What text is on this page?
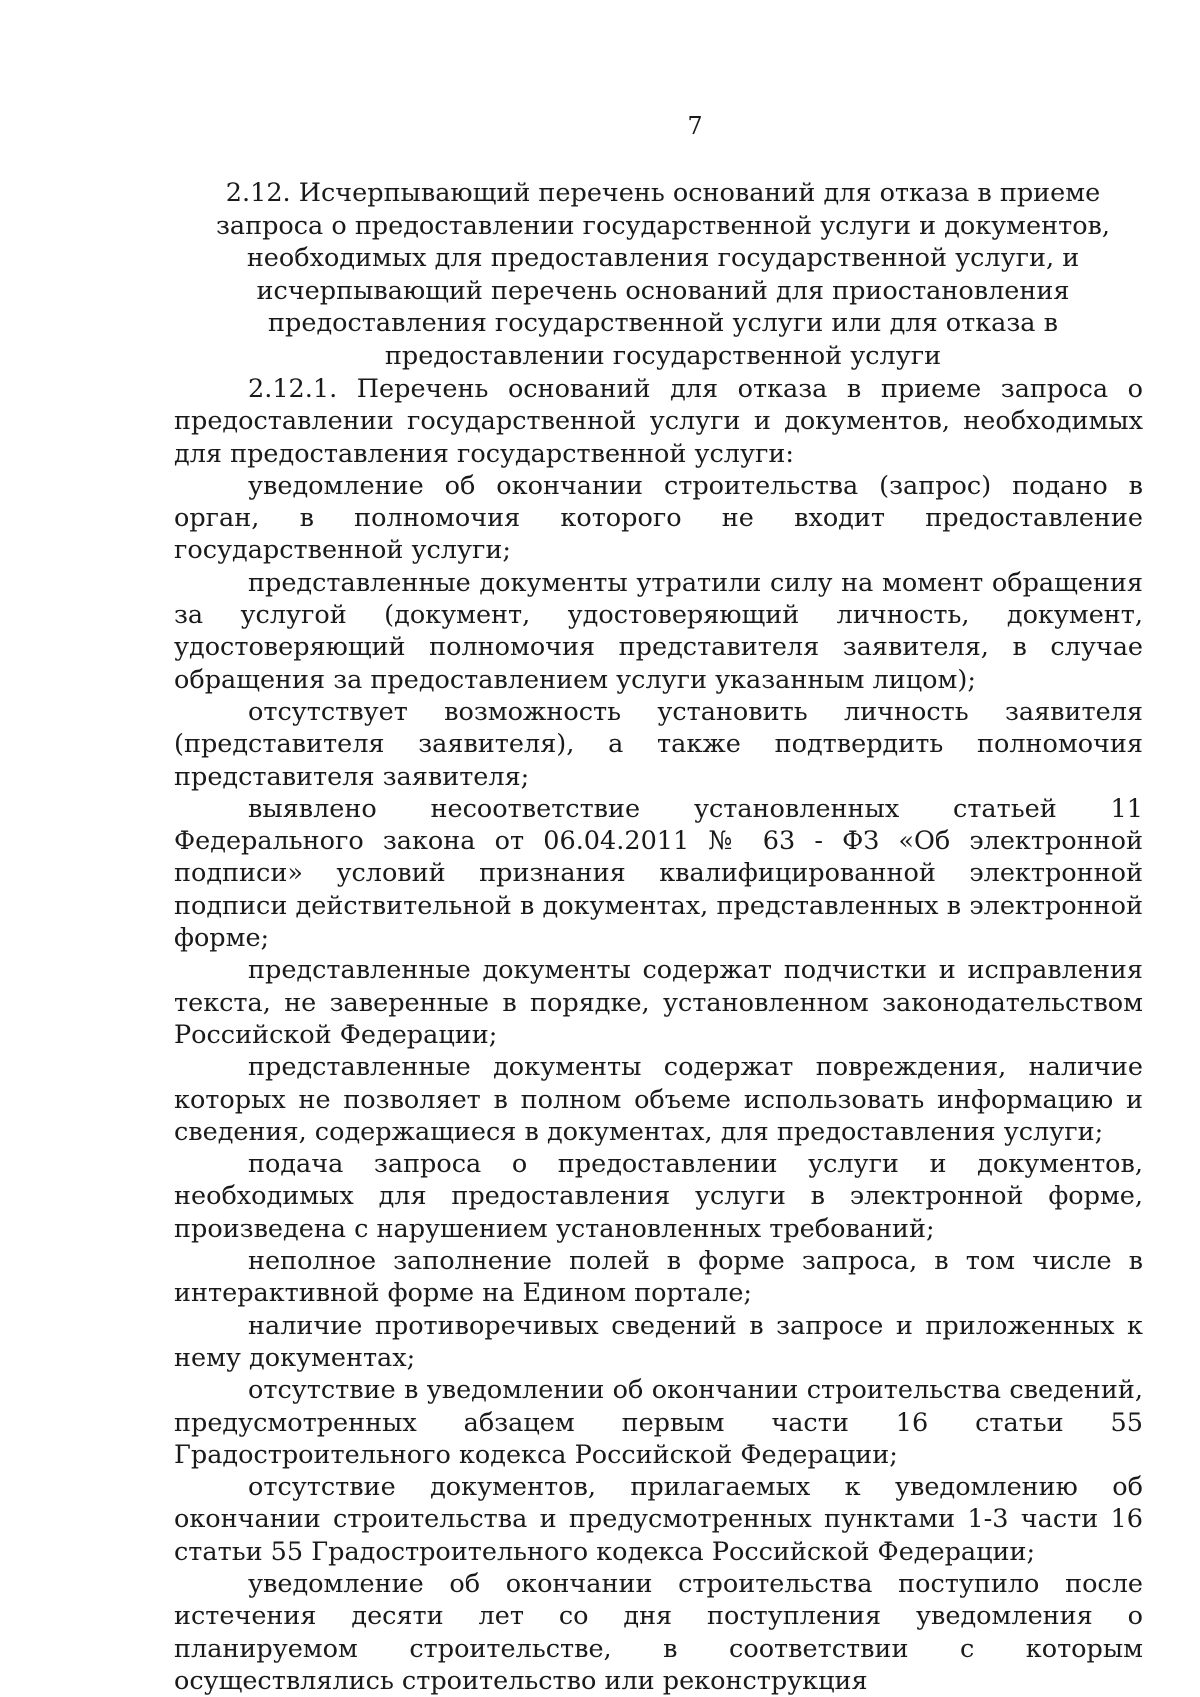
7
2.12. Исчерпывающий перечень оснований для отказа в приеме запроса о предоставлении государственной услуги и документов, необходимых для предоставления государственной услуги, и исчерпывающий перечень оснований для приостановления предоставления государственной услуги или для отказа в предоставлении государственной услуги

2.12.1. Перечень оснований для отказа в приеме запроса о предоставлении государственной услуги и документов, необходимых для предоставления государственной услуги:

уведомление об окончании строительства (запрос) подано в орган, в полномочия которого не входит предоставление государственной услуги;

представленные документы утратили силу на момент обращения за услугой (документ, удостоверяющий личность, документ, удостоверяющий полномочия представителя заявителя, в случае обращения за предоставлением услуги указанным лицом);

отсутствует возможность установить личность заявителя (представителя заявителя), а также подтвердить полномочия представителя заявителя;

выявлено несоответствие установленных статьей 11 Федерального закона от 06.04.2011 № 63 - ФЗ «Об электронной подписи» условий признания квалифицированной электронной подписи действительной в документах, представленных в электронной форме;

представленные документы содержат подчистки и исправления текста, не заверенные в порядке, установленном законодательством Российской Федерации;

представленные документы содержат повреждения, наличие которых не позволяет в полном объеме использовать информацию и сведения, содержащиеся в документах, для предоставления услуги;

подача запроса о предоставлении услуги и документов, необходимых для предоставления услуги в электронной форме, произведена с нарушением установленных требований;

неполное заполнение полей в форме запроса, в том числе в интерактивной форме на Едином портале;

наличие противоречивых сведений в запросе и приложенных к нему документах;

отсутствие в уведомлении об окончании строительства сведений, предусмотренных абзацем первым части 16 статьи 55 Градостроительного кодекса Российской Федерации;

отсутствие документов, прилагаемых к уведомлению об окончании строительства и предусмотренных пунктами 1-3 части 16 статьи 55 Градостроительного кодекса Российской Федерации;

уведомление об окончании строительства поступило после истечения десяти лет со дня поступления уведомления о планируемом строительстве, в соответствии с которым осуществлялись строительство или реконструкция
